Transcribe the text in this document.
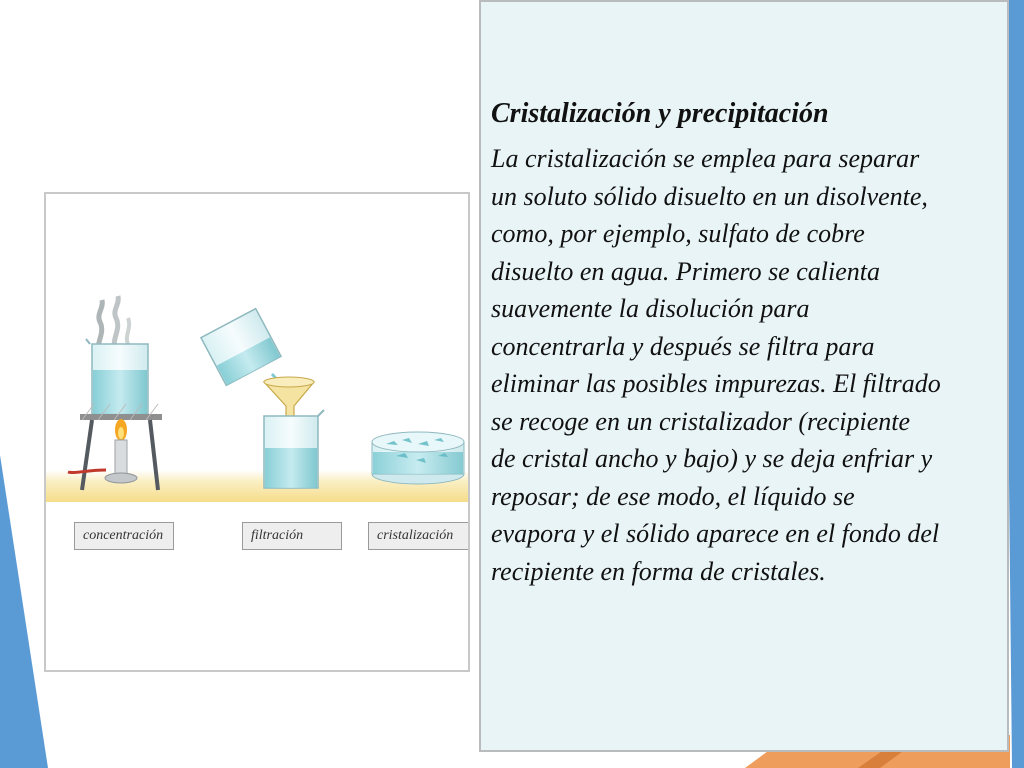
concentración	filtración	cristalización
Cristalización y precipitación

La cristalización se emplea para separar un soluto sólido disuelto en un disolvente, como, por ejemplo, sulfato de cobre disuelto en agua. Primero se calienta suavemente la disolución para concentrarla y después se filtra para eliminar las posibles impurezas. El filtrado se recoge en un cristalizador (recipiente de cristal ancho y bajo) y se deja enfriar y reposar; de ese modo, el líquido se evapora y el sólido aparece en el fondo del recipiente en forma de cristales.
